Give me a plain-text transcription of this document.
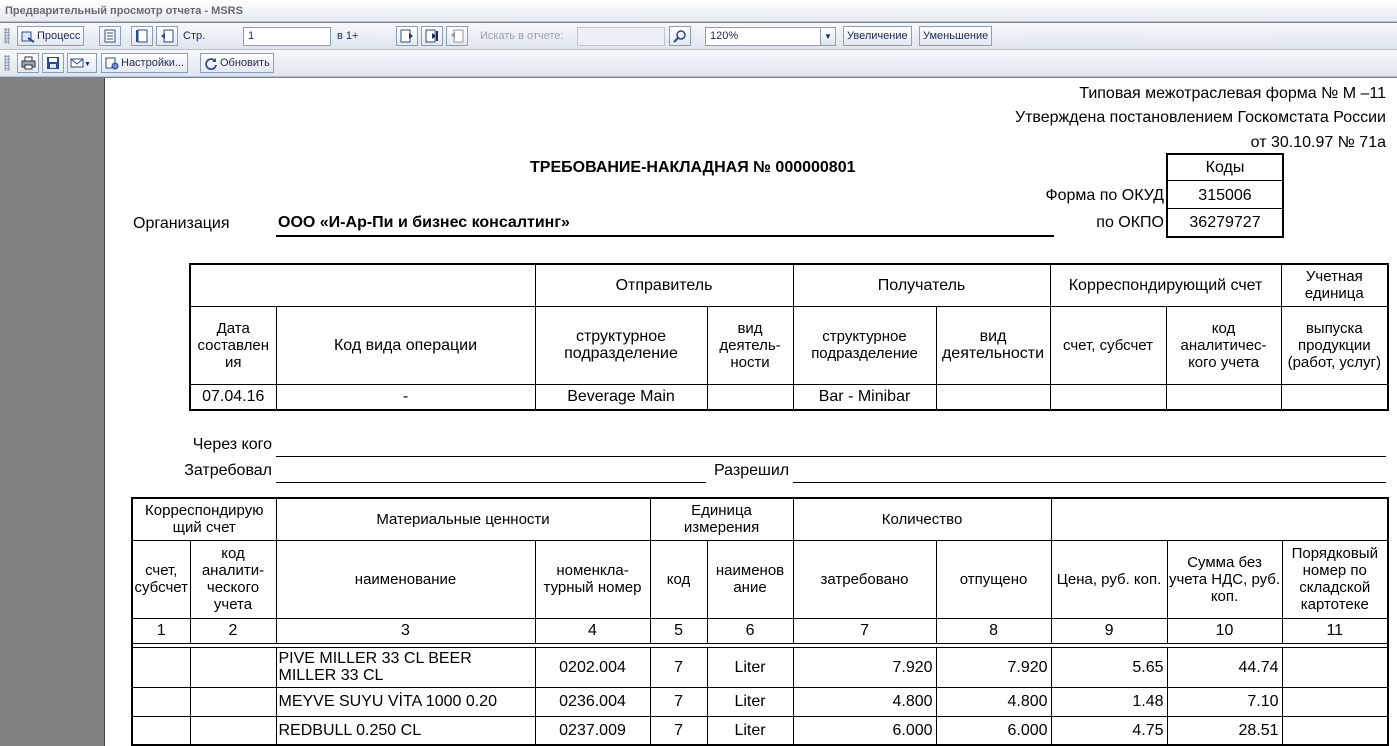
Предварительный просмотр отчета - MSRS
Процесс	Стр.	1	в 1+	Искать в отчете:	120%	▼	Увеличение	Уменьшение
▼	Настройки...	Обновить
Типовая межотраслевая форма № М –11
Утверждена постановлением Госкомстата России
от 30.10.97 № 71а
ТРЕБОВАНИЕ-НАКЛАДНАЯ № 000000801	Коды
Форма по ОКУД	315006
по ОКПО	36279727
Организация	ООО «И-Ар-Пи и бизнес консалтинг»
		Отправитель		Получатель		Корреспондирующий счет		Учетная единица
Дата составлен ия	Код вида операции	структурное подразделение	вид деятель- ности	структурное подразделение	вид деятельности	счет, субсчет	код аналитичес- кого учета	выпуска продукции (работ, услуг)
07.04.16	-	Beverage Main		Bar - Minibar				
Через кого
Затребовал	Разрешил
Корреспондирую щий счет		Материальные ценности		Единица измерения		Количество				
счет, субсчет	код аналити- ческого учета	наименование	номенкла- турный номер	код	наименов ание	затребовано	отпущено	Цена, руб. коп.	Сумма без учета НДС, руб. коп.	Порядковый номер по складской картотеке
1	2	3	4	5	6	7	8	9	10	11

		PIVE MILLER 33 CL BEER MILLER 33 CL	0202.004	7	Liter	7.920	7.920	5.65	44.74	
		MEYVE SUYU VİTA 1000 0.20	0236.004	7	Liter	4.800	4.800	1.48	7.10	
		REDBULL 0.250 CL	0237.009	7	Liter	6.000	6.000	4.75	28.51	
